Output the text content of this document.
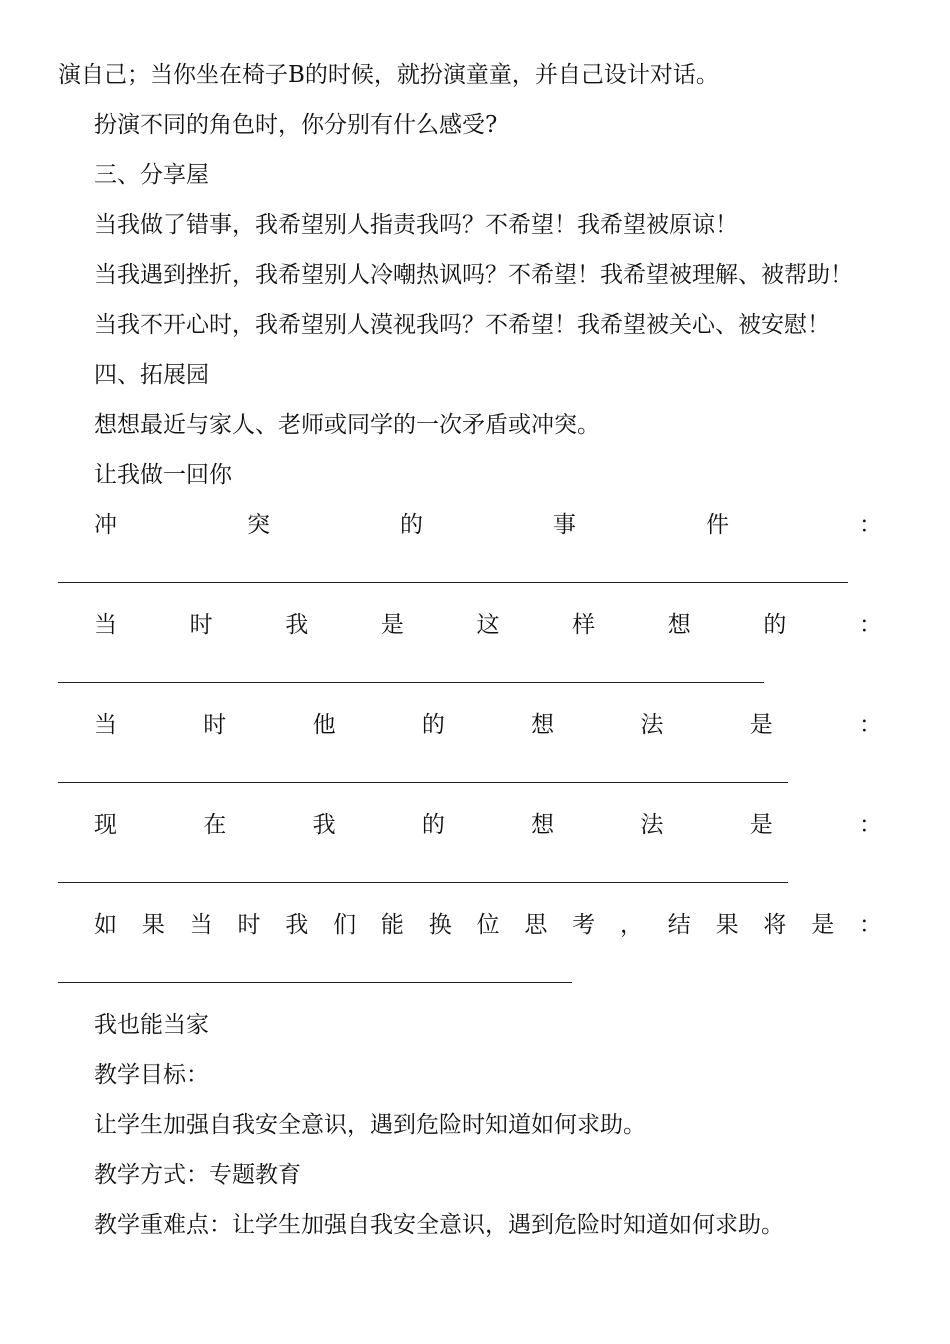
演自己；当你坐在椅子B的时候，就扮演童童，并自己设计对话。
扮演不同的角色时，你分别有什么感受?
三、分享屋
当我做了错事，我希望别人指责我吗？不希望！我希望被原谅！
当我遇到挫折，我希望别人冷嘲热讽吗？不希望！我希望被理解、被帮助！
当我不开心时，我希望别人漠视我吗？不希望！我希望被关心、被安慰！
四、拓展园
想想最近与家人、老师或同学的一次矛盾或冲突。
让我做一回你
冲	突	的	事	件	：
当	时	我	是	这	样	想	的	：
当	时	他	的	想	法	是	：
现	在	我	的	想	法	是	：
如 果 当 时 我 们 能 换 位 思 考 ， 结 果 将 是 ：
我也能当家
教学目标：
让学生加强自我安全意识，遇到危险时知道如何求助。
教学方式：专题教育
教学重难点：让学生加强自我安全意识，遇到危险时知道如何求助。
